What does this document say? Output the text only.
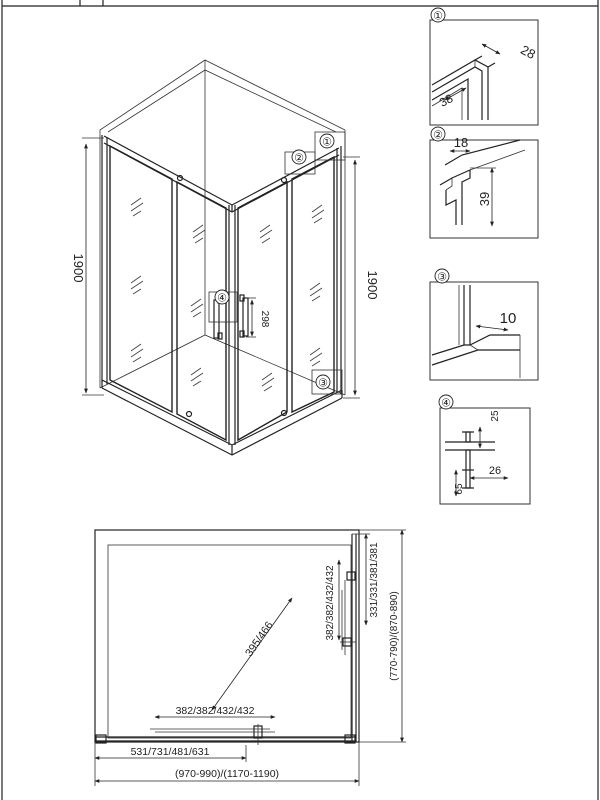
1900
1900
298
①
②
④
③
①
28
38
② 18
39
③
10
④
25
26
65
382/382/432/432
395/466
382/382/432/432
331/331/381/381
(770-790)/(870-890)
531/731/481/631
(970-990)/(1170-1190)
